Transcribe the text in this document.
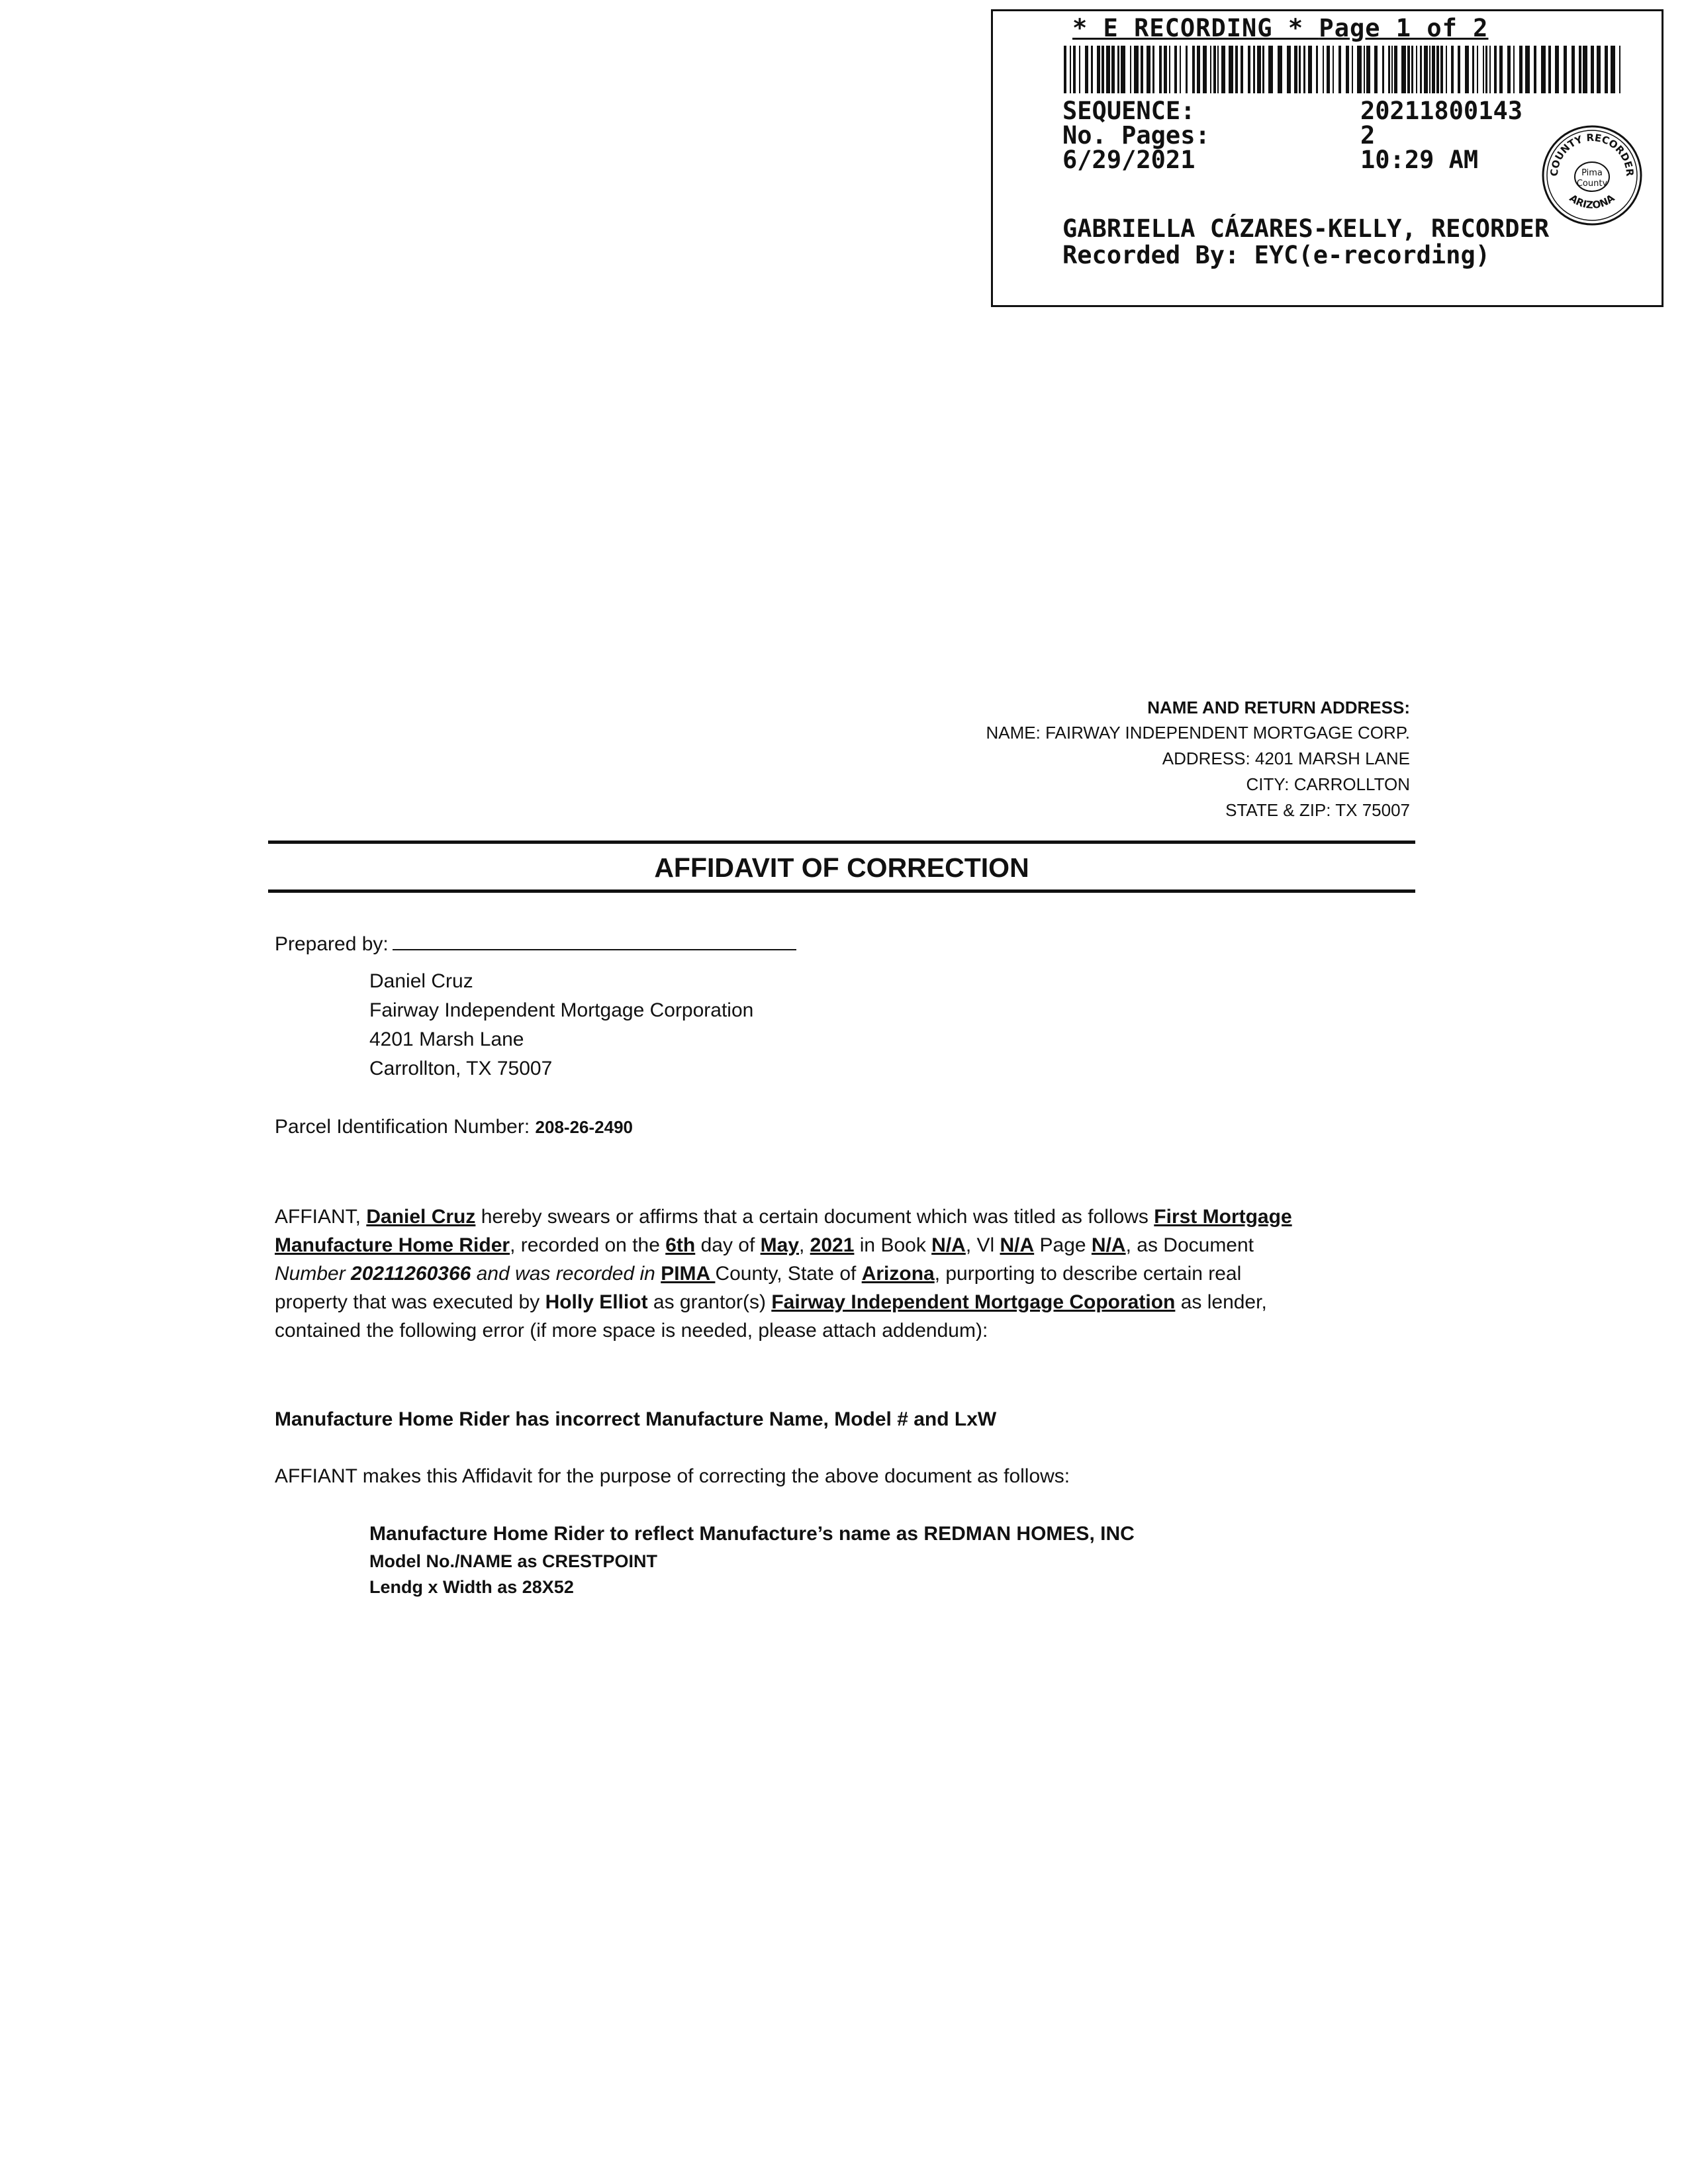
* E RECORDING * Page 1 of 2
SEQUENCE:	20211800143
No. Pages:	2
6/29/2021	10:29 AM	COUNTY RECORDER
ARIZONA
Pima
County
GABRIELLA CÁZARES-KELLY, RECORDER
Recorded By: EYC(e-recording)
NAME AND RETURN ADDRESS:
NAME: FAIRWAY INDEPENDENT MORTGAGE CORP.
ADDRESS: 4201 MARSH LANE
CITY: CARROLLTON
STATE & ZIP: TX 75007
AFFIDAVIT OF CORRECTION
Prepared by:
Daniel Cruz
Fairway Independent Mortgage Corporation
4201 Marsh Lane
Carrollton, TX 75007
Parcel Identification Number: 208-26-2490
AFFIANT, Daniel Cruz hereby swears or affirms that a certain document which was titled as follows First Mortgage
Manufacture Home Rider, recorded on the 6th day of May, 2021 in Book N/A, Vl N/A Page N/A, as Document
Number 20211260366 and was recorded in PIMA County, State of Arizona, purporting to describe certain real
property that was executed by Holly Elliot as grantor(s) Fairway Independent Mortgage Coporation as lender,
contained the following error (if more space is needed, please attach addendum):
Manufacture Home Rider has incorrect Manufacture Name, Model # and LxW
AFFIANT makes this Affidavit for the purpose of correcting the above document as follows:
Manufacture Home Rider to reflect Manufacture’s name as REDMAN HOMES, INC
Model No./NAME as CRESTPOINT
Lendg x Width as 28X52
